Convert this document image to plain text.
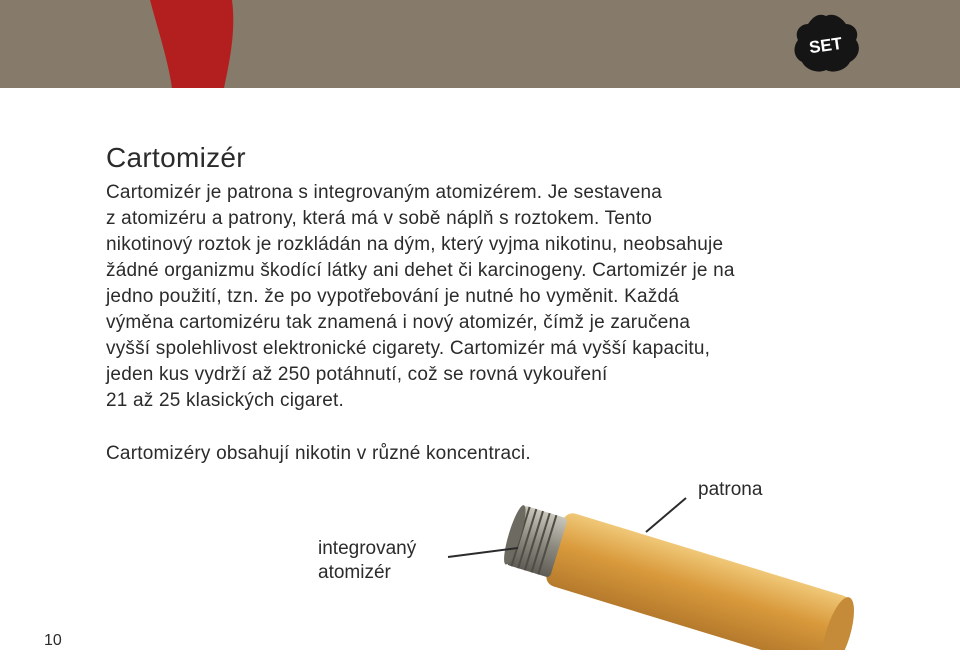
SET
Cartomizér
Cartomizér je patrona s integrovaným atomizérem. Je sestavena
z atomizéru a patrony, která má v sobě náplň s roztokem. Tento
nikotinový roztok je rozkládán na dým, který vyjma nikotinu, neobsahuje
žádné organizmu škodící látky ani dehet či karcinogeny. Cartomizér je na
jedno použití, tzn. že po vypotřebování je nutné ho vyměnit. Každá
výměna cartomizéru tak znamená i nový atomizér, čímž je zaručena
vyšší spolehlivost elektronické cigarety. Cartomizér má vyšší kapacitu,
jeden kus vydrží až 250 potáhnutí, což se rovná vykouření
21 až 25 klasických cigaret.
Cartomizéry obsahují nikotin v různé koncentraci.
patrona
integrovaný
atomizér
10
